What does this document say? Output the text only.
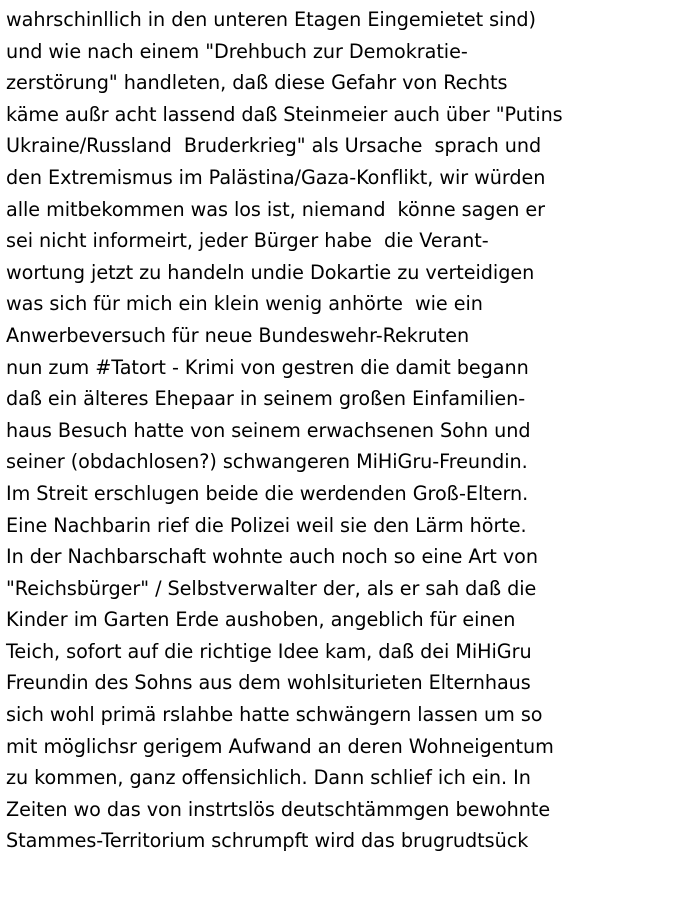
wahrschinllich in den unteren Etagen Eingemietet sind)
und wie nach einem "Drehbuch zur Demokratie-
zerstörung" handleten, daß diese Gefahr von Rechts
käme außr acht lassend daß Steinmeier auch über "Putins
Ukraine/Russland  Bruderkrieg" als Ursache  sprach und
den Extremismus im Palästina/Gaza-Konflikt, wir würden
alle mitbekommen was los ist, niemand  könne sagen er
sei nicht informeirt, jeder Bürger habe  die Verant-
wortung jetzt zu handeln undie Dokartie zu verteidigen
was sich für mich ein klein wenig anhörte  wie ein
Anwerbeversuch für neue Bundeswehr-Rekruten
nun zum #Tatort - Krimi von gestren die damit begann
daß ein älteres Ehepaar in seinem großen Einfamilien-
haus Besuch hatte von seinem erwachsenen Sohn und
seiner (obdachlosen?) schwangeren MiHiGru-Freundin.
Im Streit erschlugen beide die werdenden Groß-Eltern.
Eine Nachbarin rief die Polizei weil sie den Lärm hörte.
In der Nachbarschaft wohnte auch noch so eine Art von
"Reichsbürger" / Selbstverwalter der, als er sah daß die
Kinder im Garten Erde aushoben, angeblich für einen
Teich, sofort auf die richtige Idee kam, daß dei MiHiGru
Freundin des Sohns aus dem wohlsiturieten Elternhaus
sich wohl primä rslahbe hatte schwängern lassen um so
mit möglichsr gerigem Aufwand an deren Wohneigentum
zu kommen, ganz offensichlich. Dann schlief ich ein. In
Zeiten wo das von instrtslös deutschtämmgen bewohnte
Stammes-Territorium schrumpft wird das brugrudtsück
